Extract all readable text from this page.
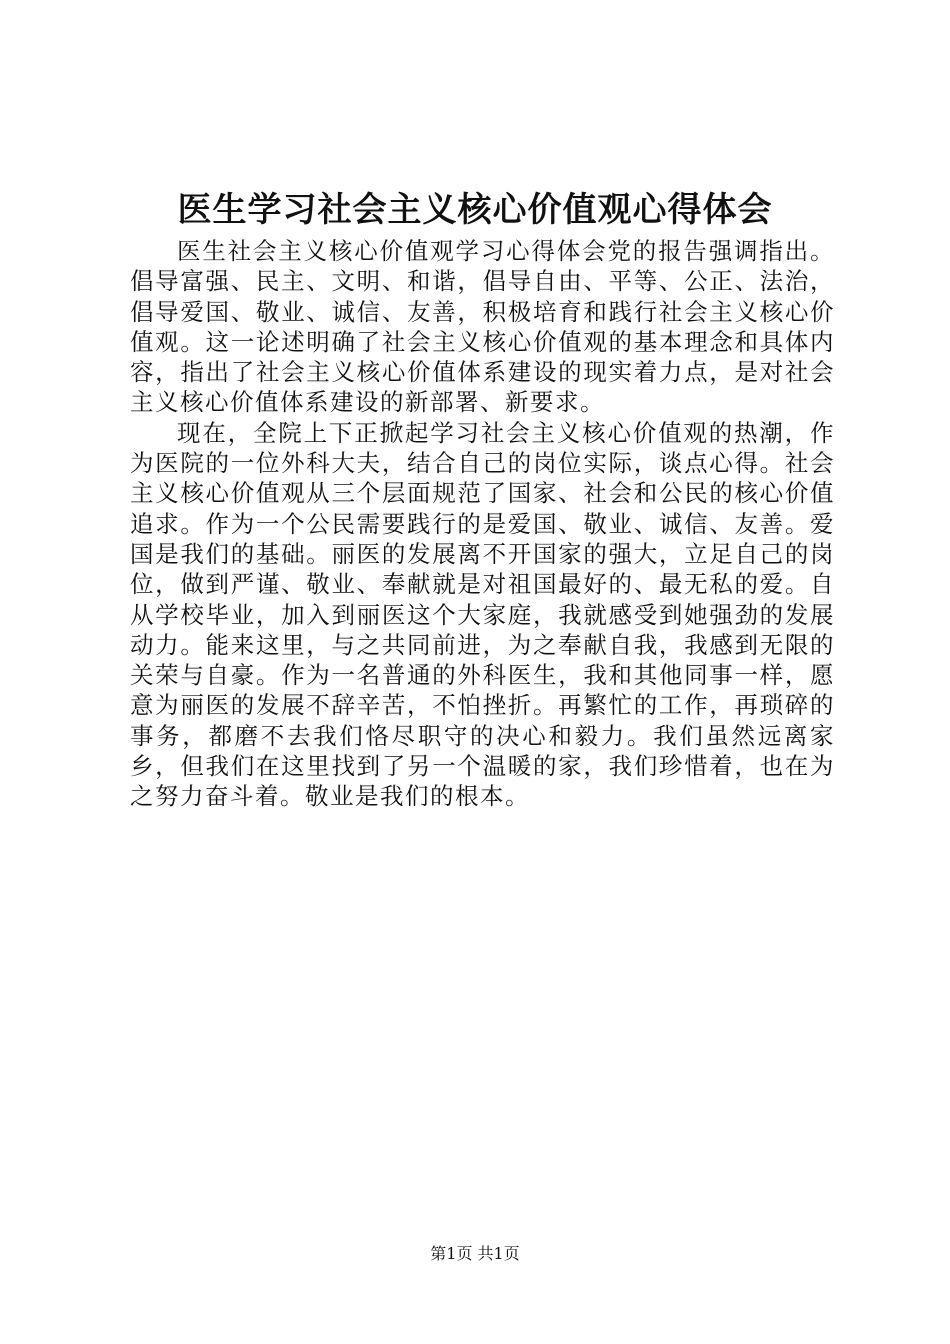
医生学习社会主义核心价值观心得体会

医生社会主义核心价值观学习心得体会党的报告强调指出。倡导富强、民主、文明、和谐，倡导自由、平等、公正、法治，倡导爱国、敬业、诚信、友善，积极培育和践行社会主义核心价值观。这一论述明确了社会主义核心价值观的基本理念和具体内容，指出了社会主义核心价值体系建设的现实着力点，是对社会主义核心价值体系建设的新部署、新要求。

现在，全院上下正掀起学习社会主义核心价值观的热潮，作为医院的一位外科大夫，结合自己的岗位实际，谈点心得。社会主义核心价值观从三个层面规范了国家、社会和公民的核心价值追求。作为一个公民需要践行的是爱国、敬业、诚信、友善。爱国是我们的基础。丽医的发展离不开国家的强大，立足自己的岗位，做到严谨、敬业、奉献就是对祖国最好的、最无私的爱。自从学校毕业，加入到丽医这个大家庭，我就感受到她强劲的发展动力。能来这里，与之共同前进，为之奉献自我，我感到无限的关荣与自豪。作为一名普通的外科医生，我和其他同事一样，愿意为丽医的发展不辞辛苦，不怕挫折。再繁忙的工作，再琐碎的事务，都磨不去我们恪尽职守的决心和毅力。我们虽然远离家乡，但我们在这里找到了另一个温暖的家，我们珍惜着，也在为之努力奋斗着。敬业是我们的根本。

第1页 共1页
